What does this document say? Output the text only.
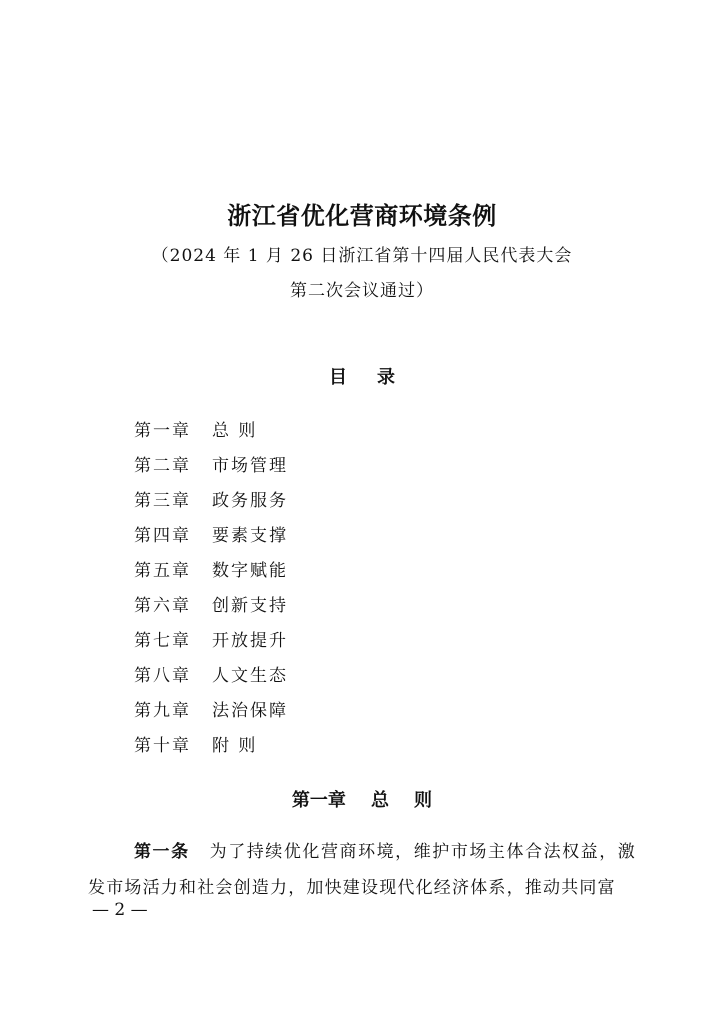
浙江省优化营商环境条例
（2024 年 1 月 26 日浙江省第十四届人民代表大会
第二次会议通过）
目录
第一章 总 则
第二章 市场管理
第三章 政务服务
第四章 要素支撑
第五章 数字赋能
第六章 创新支持
第七章 开放提升
第八章 人文生态
第九章 法治保障
第十章 附 则
第一章    总    则
第一条 为了持续优化营商环境，维护市场主体合法权益，激发市场活力和社会创造力，加快建设现代化经济体系，推动共同富
— 2 —
